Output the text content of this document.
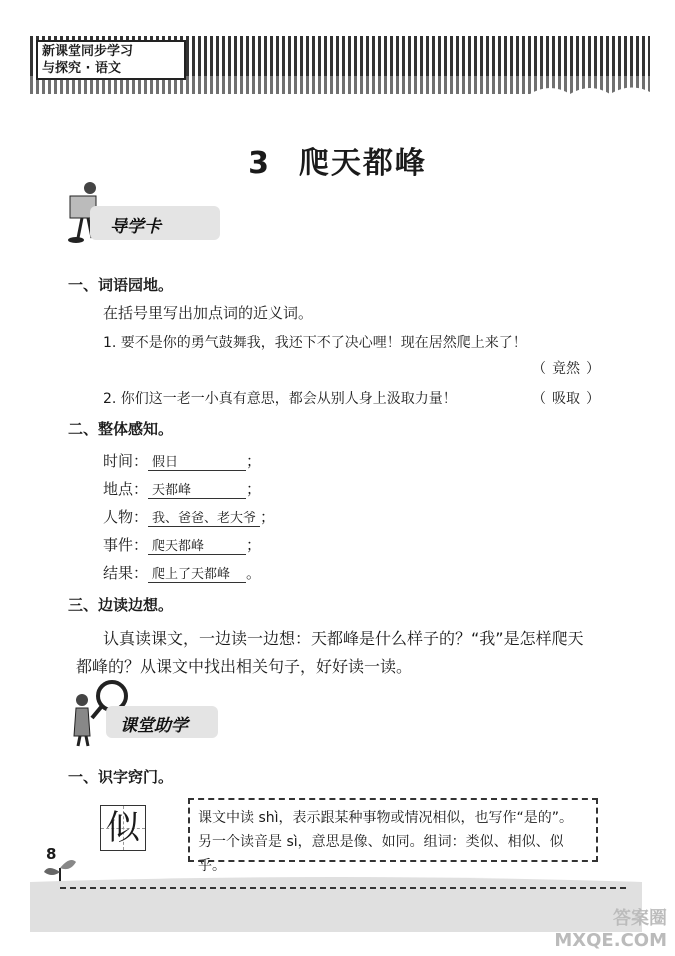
新课堂同步学习
与探究 · 语文
3 爬天都峰
导学卡
一、词语园地。
在括号里写出加点词的近义词。
1. 要不是你的勇气鼓舞我，我还下不了决心哩！现在居然爬上来了！
（ 竟然 ）
2. 你们这一老一小真有意思，都会从别人身上汲取力量！	（ 吸取 ）
二、整体感知。
时间： 假日	；
地点： 天都峰	；
人物： 我、爸爸、老大爷 ；
事件： 爬天都峰	；
结果： 爬上了天都峰 。
三、边读边想。
认真读课文，一边读一边想：天都峰是什么样子的？“我”是怎样爬天
都峰的？从课文中找出相关句子，好好读一读。
课堂助学
一、识字窍门。
似	课文中读 shì，表示跟某种事物或情况相似，也写作“是的”。
另一个读音是 sì，意思是像、如同。组词：类似、相似、似乎。
8
答案圈
MXQE.COM
